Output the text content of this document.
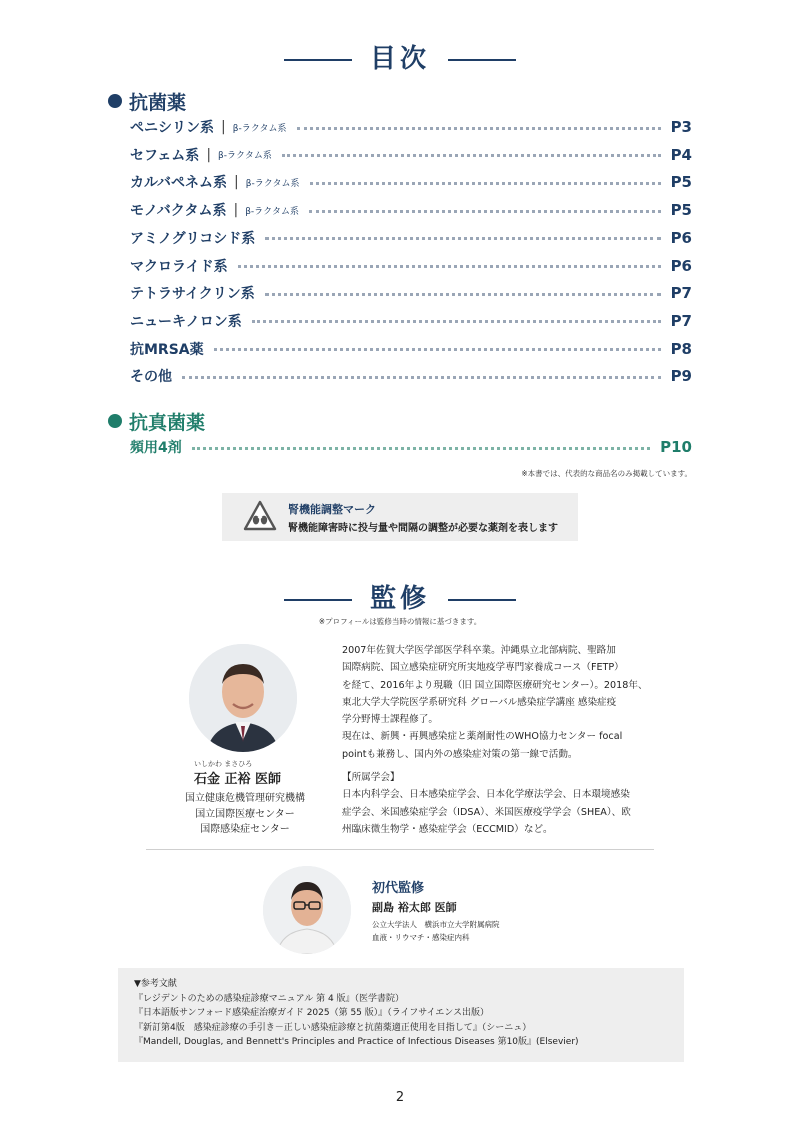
目次
抗菌薬
ペニシリン系 | β-ラクタム系	P3
セフェム系 | β-ラクタム系	P4
カルバペネム系 | β-ラクタム系	P5
モノバクタム系 | β-ラクタム系	P5
アミノグリコシド系	P6
マクロライド系	P6
テトラサイクリン系	P7
ニューキノロン系	P7
抗MRSA薬	P8
その他	P9
抗真菌薬
頻用4剤	P10
※本書では、代表的な商品名のみ掲載しています。
腎機能調整マーク
腎機能障害時に投与量や間隔の調整が必要な薬剤を表します
監修
※プロフィールは監修当時の情報に基づきます。
いしかわ まさひろ
石金 正裕 医師
国立健康危機管理研究機構
国立国際医療センター
国際感染症センター
2007年佐賀大学医学部医学科卒業。沖縄県立北部病院、聖路加
国際病院、国立感染症研究所実地疫学専門家養成コース（FETP）
を経て、2016年より現職（旧 国立国際医療研究センター）。2018年、
東北大学大学院医学系研究科 グローバル感染症学講座 感染症疫
学分野博士課程修了。
現在は、新興・再興感染症と薬剤耐性のWHO協力センター focal
pointも兼務し、国内外の感染症対策の第一線で活動。
【所属学会】
日本内科学会、日本感染症学会、日本化学療法学会、日本環境感染
症学会、米国感染症学会（IDSA）、米国医療疫学学会（SHEA）、欧
州臨床微生物学・感染症学会（ECCMID）など。
初代監修
副島 裕太郎 医師
公立大学法人　横浜市立大学附属病院
血液・リウマチ・感染症内科
▼参考文献
『レジデントのための感染症診療マニュアル 第 4 版』（医学書院）
『日本語版サンフォード感染症治療ガイド 2025（第 55 版）』（ライフサイエンス出版）
『新訂第4版　感染症診療の手引き－正しい感染症診療と抗菌薬適正使用を目指して』（シーニュ）
『Mandell, Douglas, and Bennett's Principles and Practice of Infectious Diseases 第10版』(Elsevier)
2
